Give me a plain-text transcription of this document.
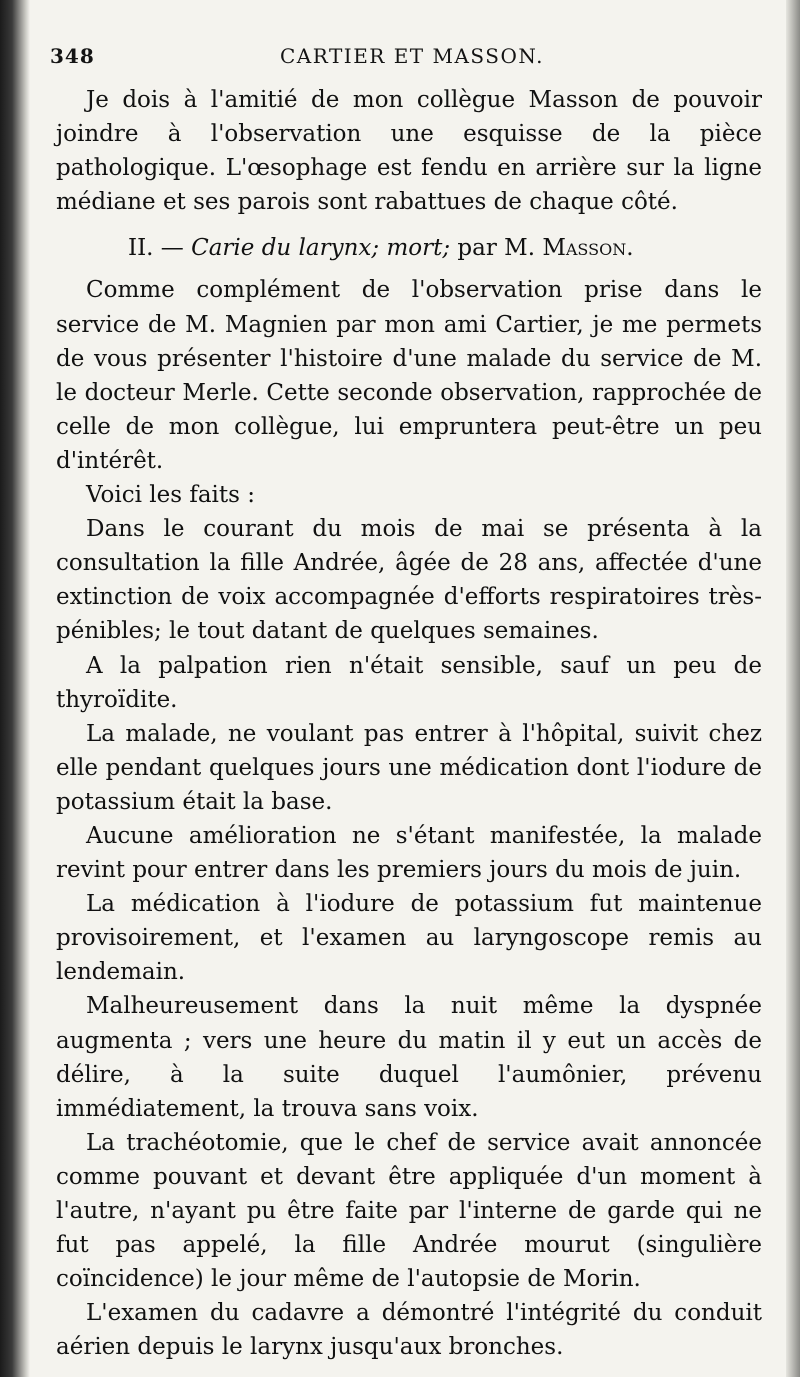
348	CARTIER ET MASSON.

Je dois à l'amitié de mon collègue Masson de pouvoir joindre à l'observation une esquisse de la pièce pathologique. L'œsophage est fendu en arrière sur la ligne médiane et ses parois sont rabattues de chaque côté.

II. — Carie du larynx; mort; par M. Masson.

Comme complément de l'observation prise dans le service de M. Magnien par mon ami Cartier, je me permets de vous présenter l'histoire d'une malade du service de M. le docteur Merle. Cette seconde observation, rapprochée de celle de mon collègue, lui empruntera peut-être un peu d'intérêt.

Voici les faits :

Dans le courant du mois de mai se présenta à la consultation la fille Andrée, âgée de 28 ans, affectée d'une extinction de voix accompagnée d'efforts respiratoires très-pénibles; le tout datant de quelques semaines.

A la palpation rien n'était sensible, sauf un peu de thyroïdite.

La malade, ne voulant pas entrer à l'hôpital, suivit chez elle pendant quelques jours une médication dont l'iodure de potassium était la base.

Aucune amélioration ne s'étant manifestée, la malade revint pour entrer dans les premiers jours du mois de juin.

La médication à l'iodure de potassium fut maintenue provisoirement, et l'examen au laryngoscope remis au lendemain.

Malheureusement dans la nuit même la dyspnée augmenta ; vers une heure du matin il y eut un accès de délire, à la suite duquel l'aumônier, prévenu immédiatement, la trouva sans voix.

La trachéotomie, que le chef de service avait annoncée comme pouvant et devant être appliquée d'un moment à l'autre, n'ayant pu être faite par l'interne de garde qui ne fut pas appelé, la fille Andrée mourut (singulière coïncidence) le jour même de l'autopsie de Morin.

L'examen du cadavre a démontré l'intégrité du conduit aérien depuis le larynx jusqu'aux bronches.
